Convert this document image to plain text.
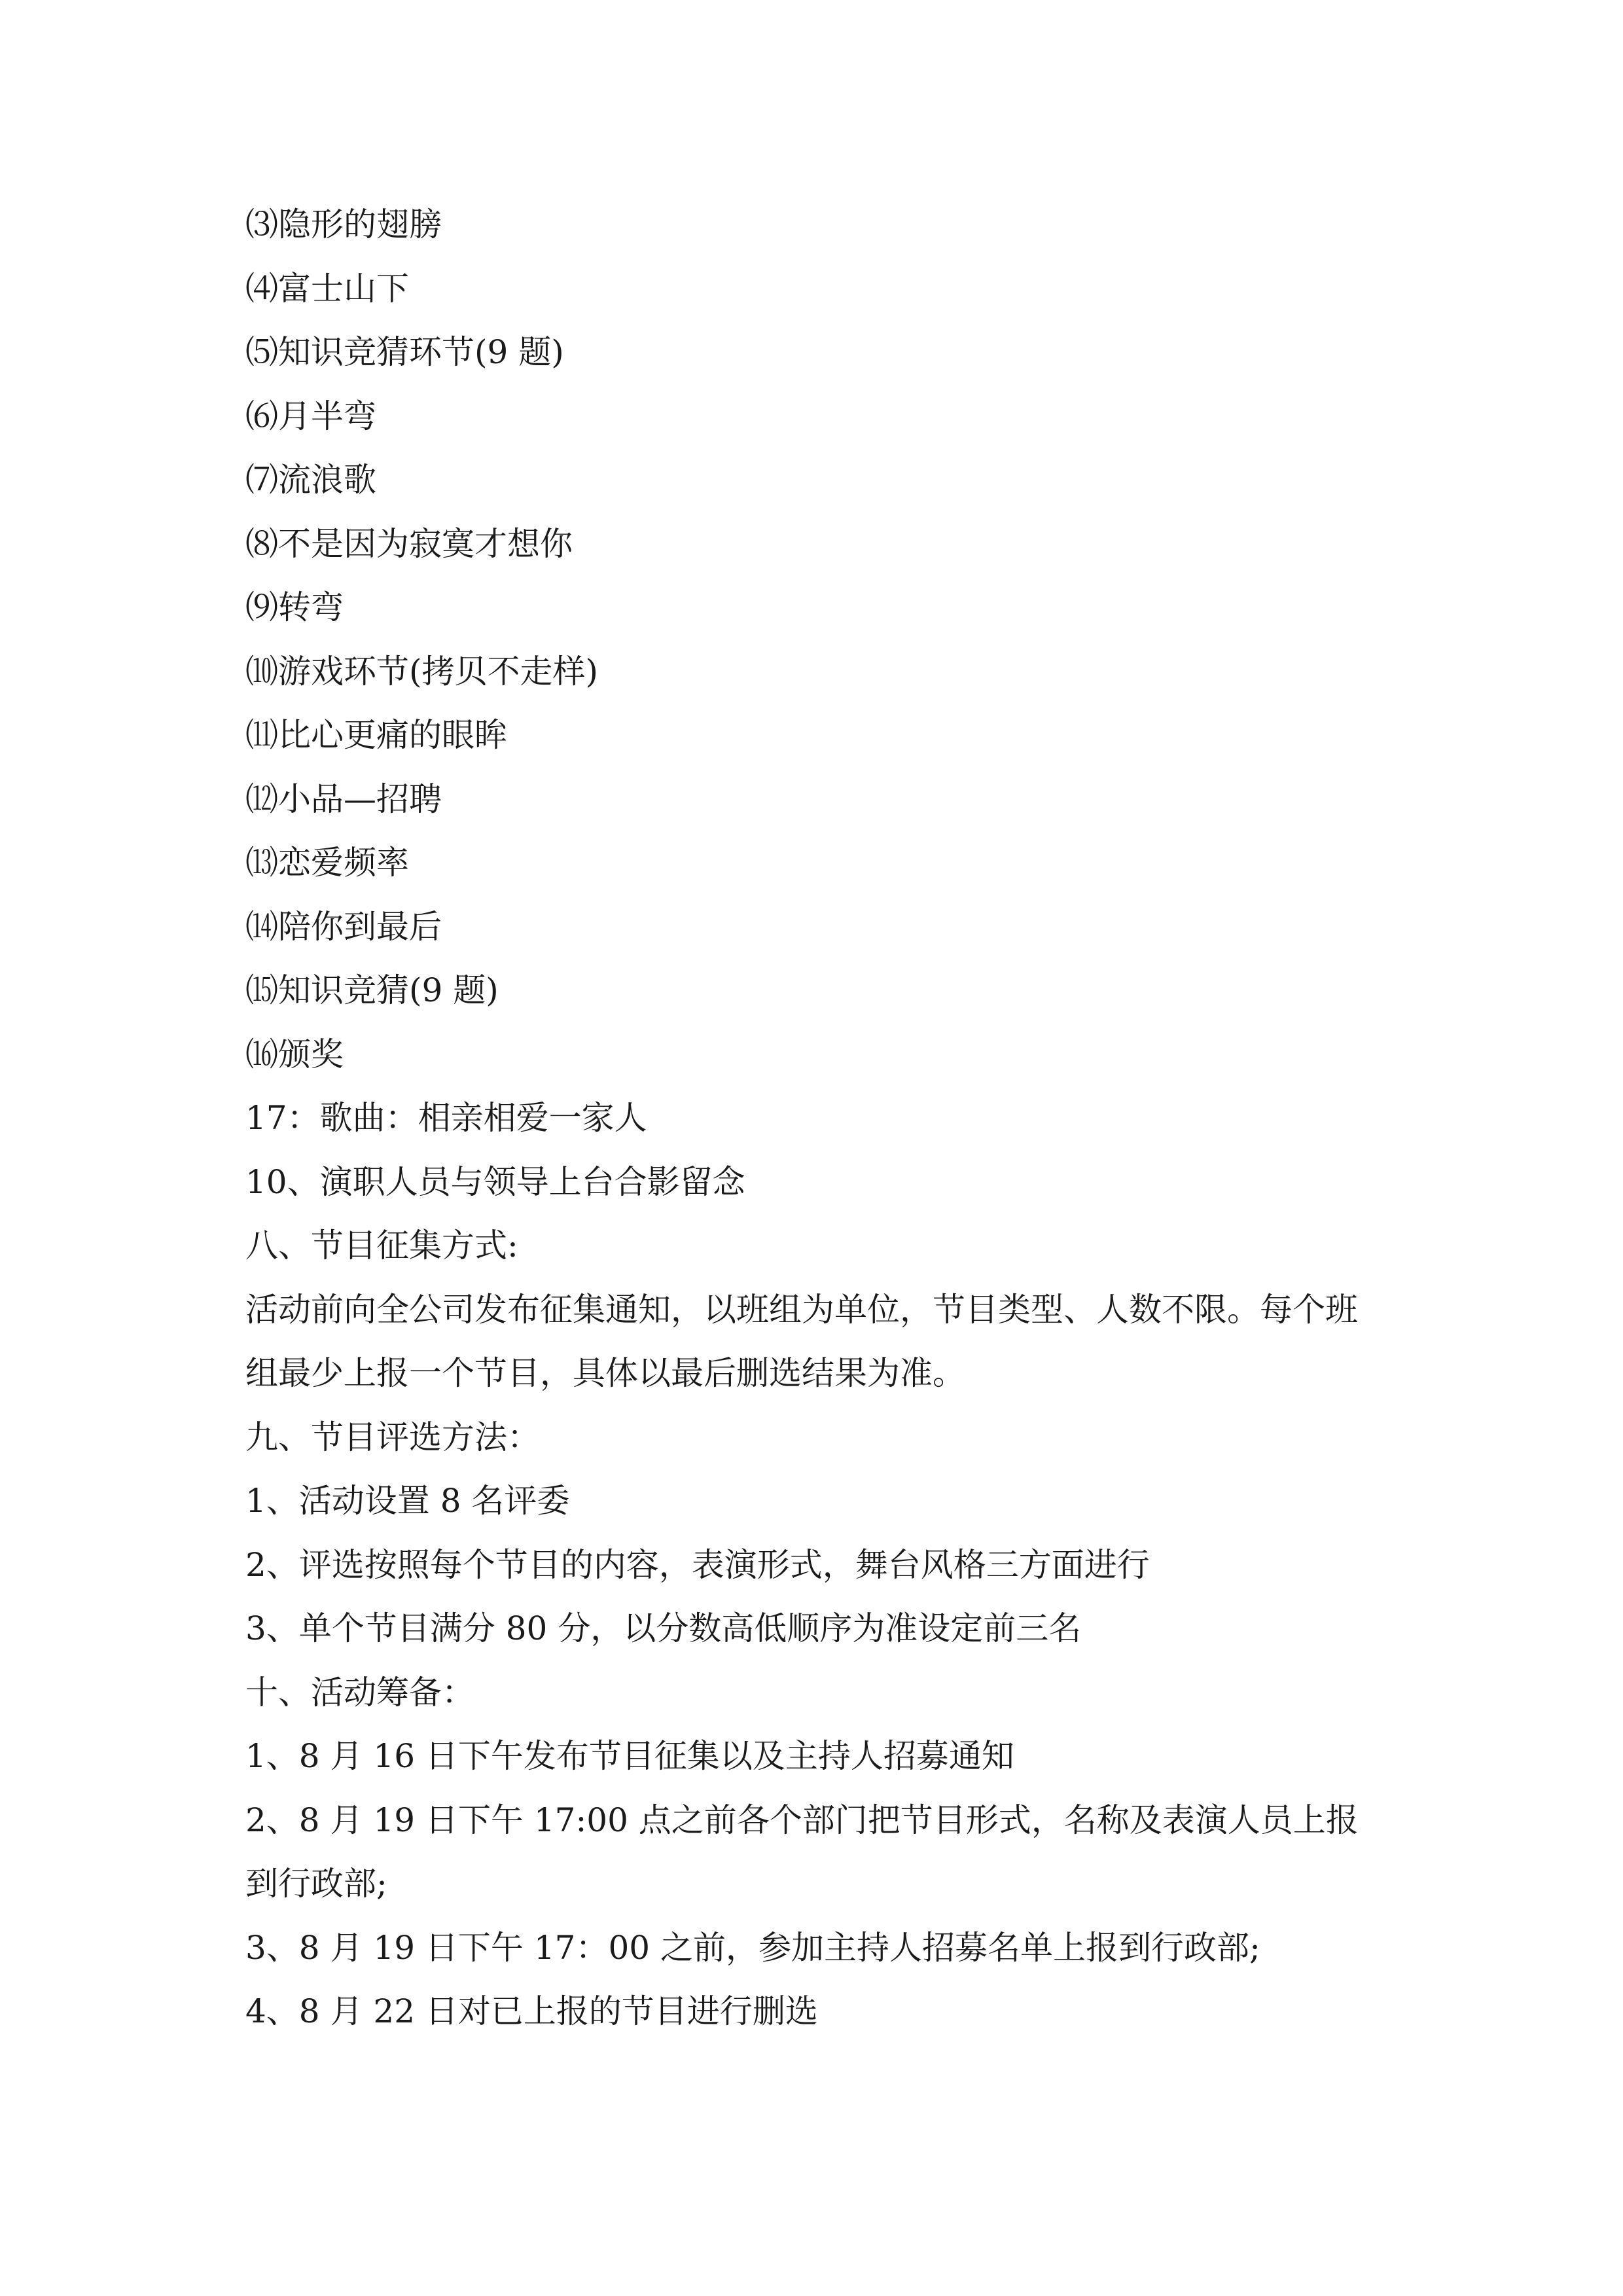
⑶隐形的翅膀
⑷富士山下
⑸知识竞猜环节(9 题)
⑹月半弯
⑺流浪歌
⑻不是因为寂寞才想你
⑼转弯
⑽游戏环节(拷贝不走样)
⑾比心更痛的眼眸
⑿小品—招聘
⒀恋爱频率
⒁陪你到最后
⒂知识竞猜(9 题)
⒃颁奖
17：歌曲：相亲相爱一家人
10、演职人员与领导上台合影留念
八、节目征集方式:
活动前向全公司发布征集通知，以班组为单位，节目类型、人数不限。每个班组最少上报一个节目，具体以最后删选结果为准。
九、节目评选方法：
1、活动设置 8 名评委
2、评选按照每个节目的内容，表演形式，舞台风格三方面进行
3、单个节目满分 80 分，以分数高低顺序为准设定前三名
十、活动筹备：
1、8 月 16 日下午发布节目征集以及主持人招募通知
2、8 月 19 日下午 17:00 点之前各个部门把节目形式，名称及表演人员上报到行政部;
3、8 月 19 日下午 17：00 之前，参加主持人招募名单上报到行政部;
4、8 月 22 日对已上报的节目进行删选
